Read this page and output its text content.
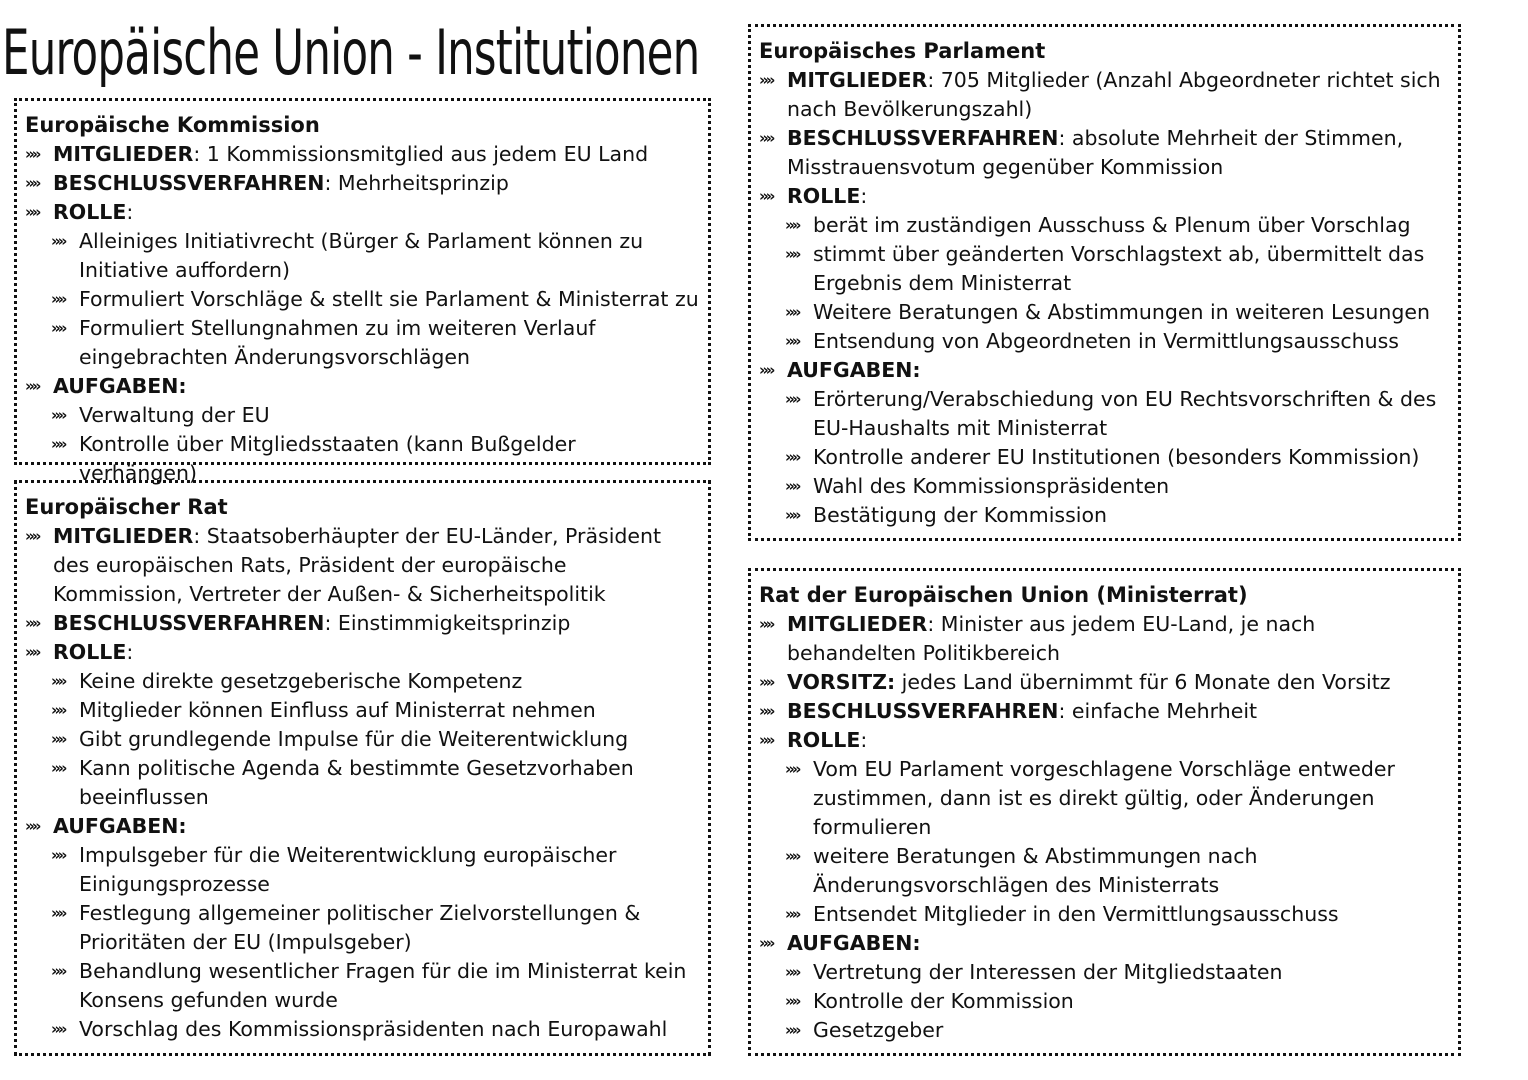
Europäische Union - Institutionen
Europäische Kommission
»» MITGLIEDER: 1 Kommissionsmitglied aus jedem EU Land
»» BESCHLUSSVERFAHREN: Mehrheitsprinzip
»» ROLLE:
»» Alleiniges Initiativrecht (Bürger & Parlament können zu Initiative auffordern)
»» Formuliert Vorschläge & stellt sie Parlament & Ministerrat zu
»» Formuliert Stellungnahmen zu im weiteren Verlauf eingebrachten Änderungsvorschlägen
»» AUFGABEN:
»» Verwaltung der EU
»» Kontrolle über Mitgliedsstaaten (kann Bußgelder verhängen)
Europäischer Rat
»» MITGLIEDER: Staatsoberhäupter der EU-Länder, Präsident des europäischen Rats, Präsident der europäische Kommission, Vertreter der Außen- & Sicherheitspolitik
»» BESCHLUSSVERFAHREN: Einstimmigkeitsprinzip
»» ROLLE:
»» Keine direkte gesetzgeberische Kompetenz
»» Mitglieder können Einfluss auf Ministerrat nehmen
»» Gibt grundlegende Impulse für die Weiterentwicklung
»» Kann politische Agenda & bestimmte Gesetzvorhaben beeinflussen
»» AUFGABEN:
»» Impulsgeber für die Weiterentwicklung europäischer Einigungsprozesse
»» Festlegung allgemeiner politischer Zielvorstellungen & Prioritäten der EU (Impulsgeber)
»» Behandlung wesentlicher Fragen für die im Ministerrat kein Konsens gefunden wurde
»» Vorschlag des Kommissionspräsidenten nach Europawahl
Europäisches Parlament
»» MITGLIEDER: 705 Mitglieder (Anzahl Abgeordneter richtet sich nach Bevölkerungszahl)
»» BESCHLUSSVERFAHREN: absolute Mehrheit der Stimmen, Misstrauensvotum gegenüber Kommission
»» ROLLE:
»» berät im zuständigen Ausschuss & Plenum über Vorschlag
»» stimmt über geänderten Vorschlagstext ab, übermittelt das Ergebnis dem Ministerrat
»» Weitere Beratungen & Abstimmungen in weiteren Lesungen
»» Entsendung von Abgeordneten in Vermittlungsausschuss
»» AUFGABEN:
»» Erörterung/Verabschiedung von EU Rechtsvorschriften & des EU-Haushalts mit Ministerrat
»» Kontrolle anderer EU Institutionen (besonders Kommission)
»» Wahl des Kommissionspräsidenten
»» Bestätigung der Kommission
Rat der Europäischen Union (Ministerrat)
»» MITGLIEDER: Minister aus jedem EU-Land, je nach behandelten Politikbereich
»» VORSITZ: jedes Land übernimmt für 6 Monate den Vorsitz
»» BESCHLUSSVERFAHREN: einfache Mehrheit
»» ROLLE:
»» Vom EU Parlament vorgeschlagene Vorschläge entweder zustimmen, dann ist es direkt gültig, oder Änderungen formulieren
»» weitere Beratungen & Abstimmungen nach Änderungsvorschlägen des Ministerrats
»» Entsendet Mitglieder in den Vermittlungsausschuss
»» AUFGABEN:
»» Vertretung der Interessen der Mitgliedstaaten
»» Kontrolle der Kommission
»» Gesetzgeber
